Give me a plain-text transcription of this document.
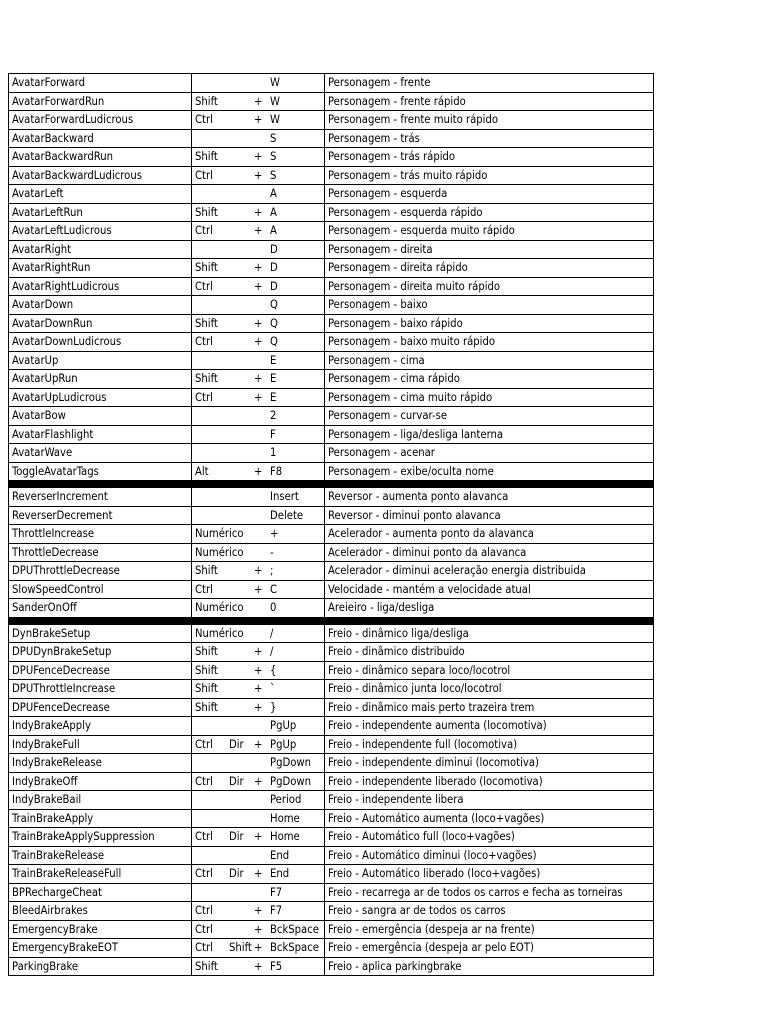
AvatarForward	W	Personagem - frente
AvatarForwardRun	Shift + W	Personagem - frente rápido
AvatarForwardLudicrous	Ctrl + W	Personagem - frente muito rápido
AvatarBackward	S	Personagem - trás
AvatarBackwardRun	Shift + S	Personagem - trás rápido
AvatarBackwardLudicrous	Ctrl + S	Personagem - trás muito rápido
AvatarLeft	A	Personagem - esquerda
AvatarLeftRun	Shift + A	Personagem - esquerda rápido
AvatarLeftLudicrous	Ctrl + A	Personagem - esquerda muito rápido
AvatarRight	D	Personagem - direita
AvatarRightRun	Shift + D	Personagem - direita rápido
AvatarRightLudicrous	Ctrl + D	Personagem - direita muito rápido
AvatarDown	Q	Personagem - baixo
AvatarDownRun	Shift + Q	Personagem - baixo rápido
AvatarDownLudicrous	Ctrl + Q	Personagem - baixo muito rápido
AvatarUp	E	Personagem - cima
AvatarUpRun	Shift + E	Personagem - cima rápido
AvatarUpLudicrous	Ctrl + E	Personagem - cima muito rápido
AvatarBow	2	Personagem - curvar-se
AvatarFlashlight	F	Personagem - liga/desliga lanterna
AvatarWave	1	Personagem - acenar
ToggleAvatarTags	Alt + F8	Personagem - exibe/oculta nome

ReverserIncrement	Insert	Reversor - aumenta ponto alavanca
ReverserDecrement	Delete	Reversor - diminui ponto alavanca
ThrottleIncrease	Numérico +	Acelerador - aumenta ponto da alavanca
ThrottleDecrease	Numérico -	Acelerador - diminui ponto da alavanca
DPUThrottleDecrease	Shift + ;	Acelerador - diminui aceleração energia distribuida
SlowSpeedControl	Ctrl + C	Velocidade - mantém a velocidade atual
SanderOnOff	Numérico 0	Areieiro - liga/desliga

DynBrakeSetup	Numérico /	Freio - dinâmico liga/desliga
DPUDynBrakeSetup	Shift + /	Freio - dinâmico distribuido
DPUFenceDecrease	Shift + {	Freio - dinâmico separa loco/locotrol
DPUThrottleIncrease	Shift + `	Freio - dinâmico junta loco/locotrol
DPUFenceDecrease	Shift + }	Freio - dinâmico mais perto trazeira trem
IndyBrakeApply	PgUp	Freio - independente aumenta (locomotiva)
IndyBrakeFull	Ctrl Dir + PgUp	Freio - independente full (locomotiva)
IndyBrakeRelease	PgDown	Freio - independente diminui (locomotiva)
IndyBrakeOff	Ctrl Dir + PgDown	Freio - independente liberado (locomotiva)
IndyBrakeBail	Period	Freio - independente libera
TrainBrakeApply	Home	Freio - Automático aumenta (loco+vagões)
TrainBrakeApplySuppression	Ctrl Dir + Home	Freio - Automático full (loco+vagões)
TrainBrakeRelease	End	Freio - Automático diminui (loco+vagões)
TrainBrakeReleaseFull	Ctrl Dir + End	Freio - Automático liberado (loco+vagões)
BPRechargeCheat	F7	Freio - recarrega ar de todos os carros e fecha as torneiras
BleedAirbrakes	Ctrl + F7	Freio - sangra ar de todos os carros
EmergencyBrake	Ctrl + BckSpace	Freio - emergência (despeja ar na frente)
EmergencyBrakeEOT	Ctrl Shift + BckSpace	Freio - emergência (despeja ar pelo EOT)
ParkingBrake	Shift + F5	Freio - aplica parkingbrake
